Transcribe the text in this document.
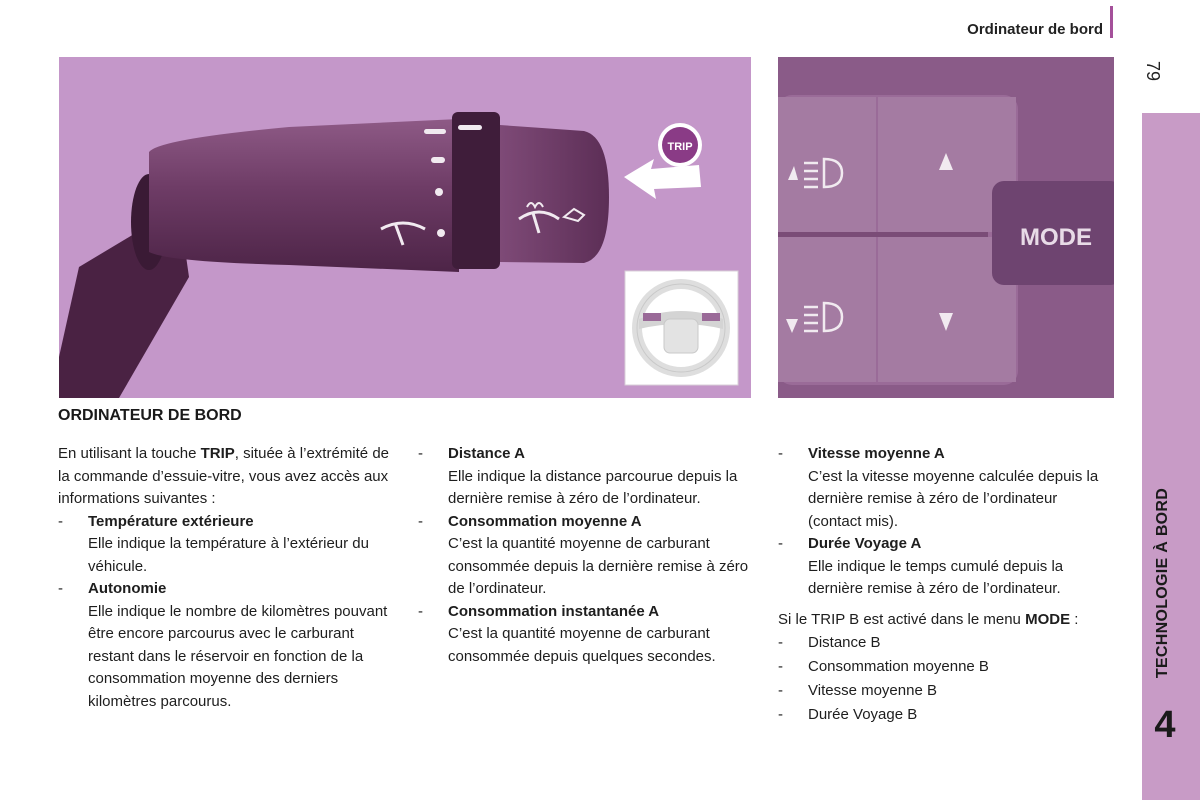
Ordinateur de bord
79
TECHNOLOGIE À BORD
4
TRIP
MODE
ORDINATEUR DE BORD

En utilisant la touche TRIP, située à l’extrémité de la commande d’essuie-vitre, vous avez accès aux informations suivantes :

-	Température extérieure

Elle indique la température à l’extérieur du véhicule.

-	Autonomie

Elle indique le nombre de kilomètres pouvant être encore parcourus avec le carburant restant dans le réservoir en fonction de la consommation moyenne des derniers kilomètres parcourus.

-	Distance A

Elle indique la distance parcourue depuis la dernière remise à zéro de l’ordinateur.

-	Consommation moyenne A

C’est la quantité moyenne de carburant consommée depuis la dernière remise à zéro de l’ordinateur.

-	Consommation instantanée A

C’est la quantité moyenne de carburant consommée depuis quelques secondes.

-	Vitesse moyenne A

C’est la vitesse moyenne calculée depuis la dernière remise à zéro de l’ordinateur (contact mis).

-	Durée Voyage A

Elle indique le temps cumulé depuis la dernière remise à zéro de l’ordinateur.

Si le TRIP B est activé dans le menu MODE :

-	Distance B
-	Consommation moyenne B
-	Vitesse moyenne B
-	Durée Voyage B
